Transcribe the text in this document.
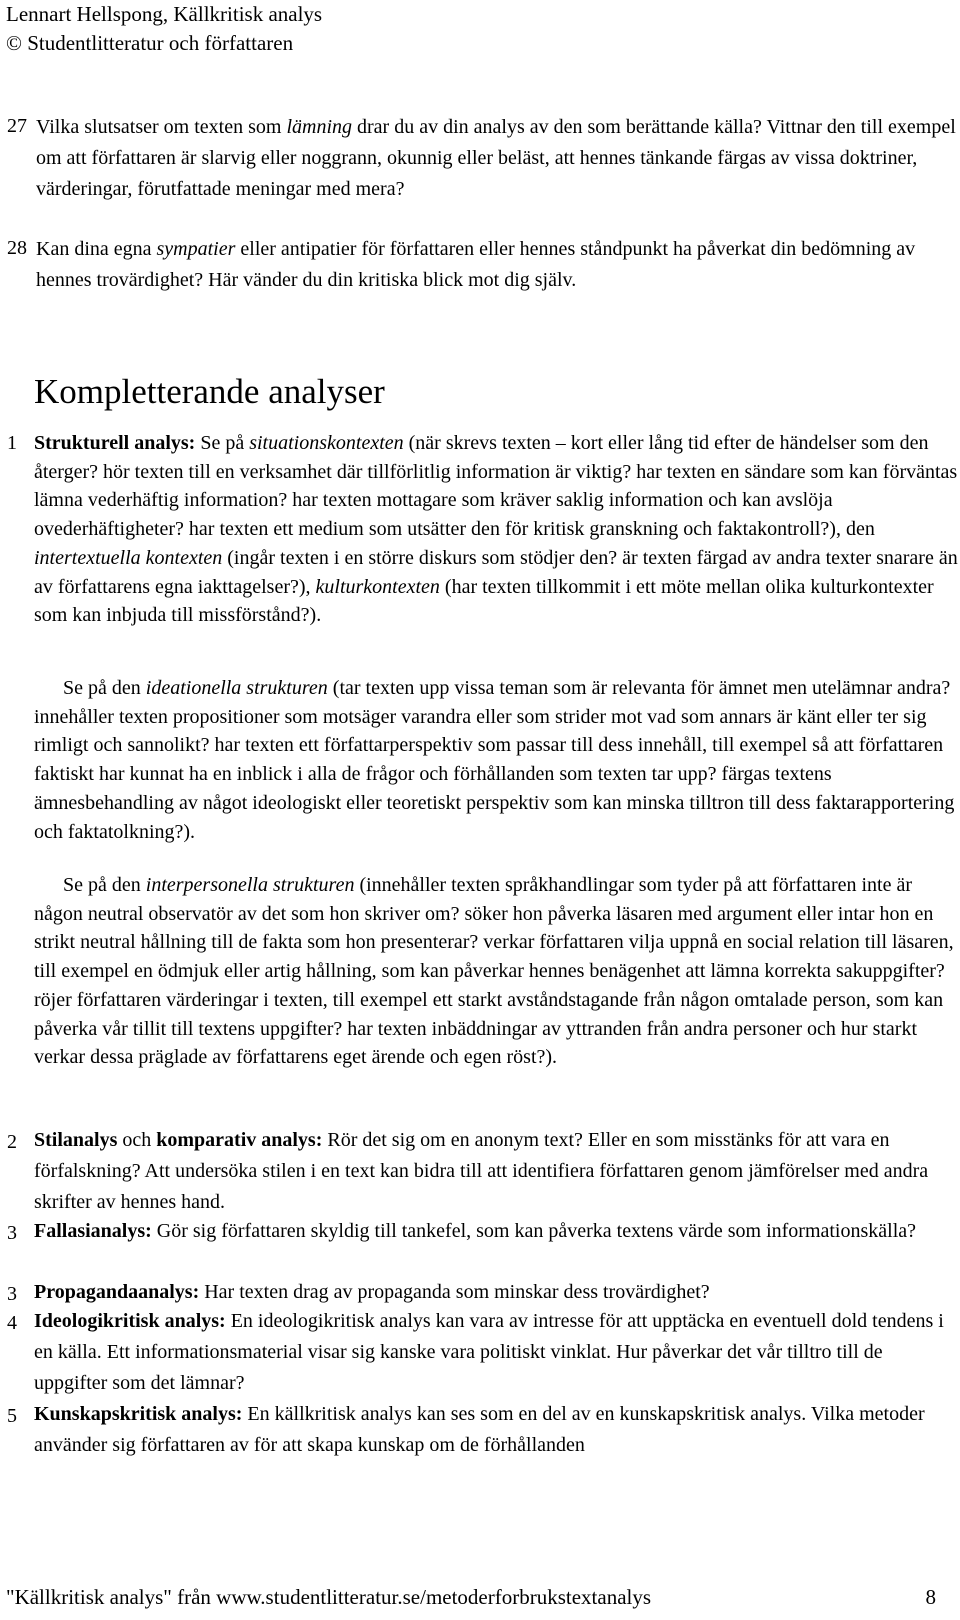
Lennart Hellspong, Källkritisk analys
© Studentlitteratur och författaren
27 Vilka slutsatser om texten som lämning drar du av din analys av den som berättande källa? Vittnar den till exempel om att författaren är slarvig eller noggrann, okunnig eller beläst, att hennes tänkande färgas av vissa doktriner, värderingar, förutfattade meningar med mera?

28 Kan dina egna sympatier eller antipatier för författaren eller hennes ståndpunkt ha påverkat din bedömning av hennes trovärdighet? Här vänder du din kritiska blick mot dig själv.

Kompletterande analyser
1 Strukturell analys: Se på situationskontexten (när skrevs texten – kort eller lång tid efter de händelser som den återger? hör texten till en verksamhet där tillförlitlig information är viktig? har texten en sändare som kan förväntas lämna vederhäftig information? har texten mottagare som kräver saklig information och kan avslöja ovederhäftigheter? har texten ett medium som utsätter den för kritisk granskning och faktakontroll?), den intertextuella kontexten (ingår texten i en större diskurs som stödjer den? är texten färgad av andra texter snarare än av författarens egna iakttagelser?), kulturkontexten (har texten tillkommit i ett möte mellan olika kulturkontexter som kan inbjuda till missförstånd?).

Se på den ideationella strukturen (tar texten upp vissa teman som är relevanta för ämnet men utelämnar andra? innehåller texten propositioner som motsäger varandra eller som strider mot vad som annars är känt eller ter sig rimligt och sannolikt? har texten ett författarperspektiv som passar till dess innehåll, till exempel så att författaren faktiskt har kunnat ha en inblick i alla de frågor och förhållanden som texten tar upp? färgas textens ämnesbehandling av något ideologiskt eller teoretiskt perspektiv som kan minska tilltron till dess faktarapportering och faktatolkning?).

Se på den interpersonella strukturen (innehåller texten språkhandlingar som tyder på att författaren inte är någon neutral observatör av det som hon skriver om? söker hon påverka läsaren med argument eller intar hon en strikt neutral hållning till de fakta som hon presenterar? verkar författaren vilja uppnå en social relation till läsaren, till exempel en ödmjuk eller artig hållning, som kan påverkar hennes benägenhet att lämna korrekta sakuppgifter? röjer författaren värderingar i texten, till exempel ett starkt avståndstagande från någon omtalade person, som kan påverka vår tillit till textens uppgifter? har texten inbäddningar av yttranden från andra personer och hur starkt verkar dessa präglade av författarens eget ärende och egen röst?).

2 Stilanalys och komparativ analys: Rör det sig om en anonym text? Eller en som misstänks för att vara en förfalskning? Att undersöka stilen i en text kan bidra till att identifiera författaren genom jämförelser med andra skrifter av hennes hand.

3 Fallasianalys: Gör sig författaren skyldig till tankefel, som kan påverka textens värde som informationskälla?

3 Propagandaanalys: Har texten drag av propaganda som minskar dess trovärdighet?

4 Ideologikritisk analys: En ideologikritisk analys kan vara av intresse för att upptäcka en eventuell dold tendens i en källa. Ett informationsmaterial visar sig kanske vara politiskt vinklat. Hur påverkar det vår tilltro till de uppgifter som det lämnar?

5 Kunskapskritisk analys: En källkritisk analys kan ses som en del av en kunskapskritisk analys. Vilka metoder använder sig författaren av för att skapa kunskap om de förhållanden

"Källkritisk analys" från www.studentlitteratur.se/metoderforbrukstextanalys	8
